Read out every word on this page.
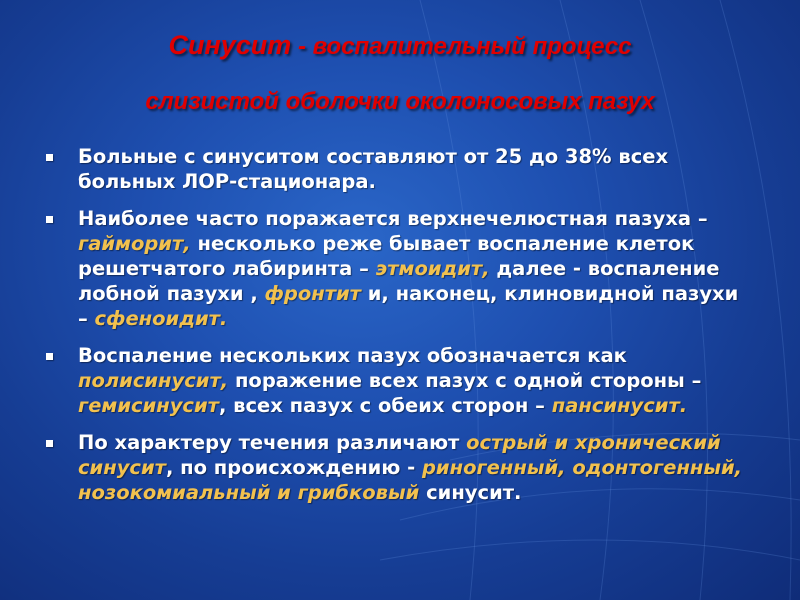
Синусит - воспалительный процесс
слизистой оболочки околоносовых пазух
Больные с синуситом составляют от 25 до 38% всех больных ЛОР-стационара.
Наиболее часто поражается верхнечелюстная пазуха – гайморит, несколько реже бывает воспаление клеток решетчатого лабиринта – этмоидит, далее - воспаление лобной пазухи , фронтит и, наконец, клиновидной пазухи – сфеноидит.
Воспаление нескольких пазух обозначается как полисинусит, поражение всех пазух с одной стороны – гемисинусит, всех пазух с обеих сторон – пансинусит.
По характеру течения различают острый и хронический синусит, по происхождению - риногенный, одонтогенный, нозокомиальный и грибковый синусит.
